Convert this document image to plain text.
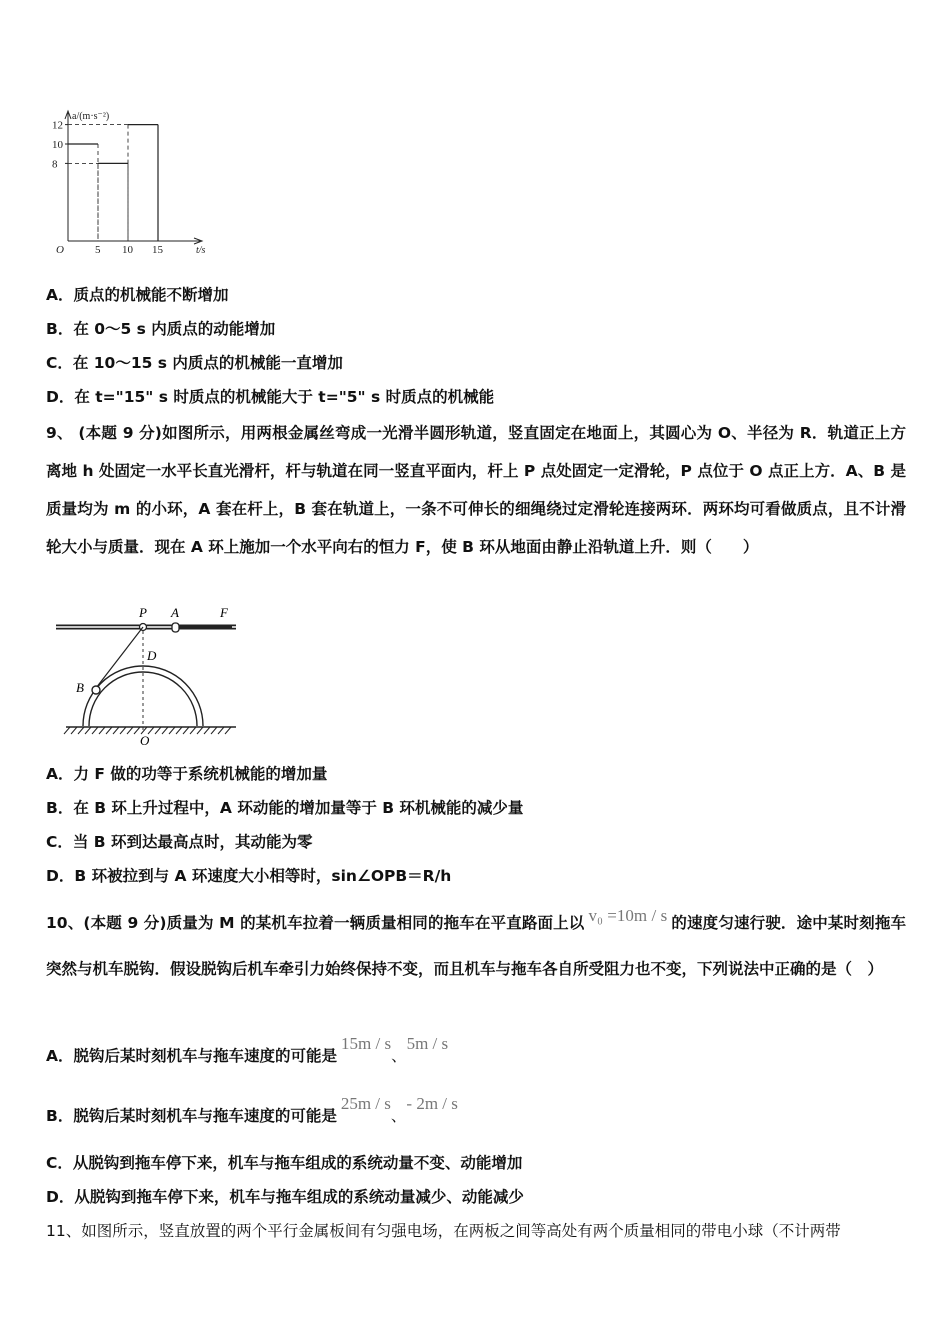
8
10
12
5 10 15
O
a/(m·s⁻²)
t/s
A．质点的机械能不断增加
B．在 0～5 s 内质点的动能增加
C．在 10～15 s 内质点的机械能一直增加
D．在 t="15" s 时质点的机械能大于 t="5" s 时质点的机械能
9、 (本题 9 分)如图所示，用两根金属丝弯成一光滑半圆形轨道，竖直固定在地面上，其圆心为 O、半径为 R．轨道正上方离地 h 处固定一水平长直光滑杆，杆与轨道在同一竖直平面内，杆上 P 点处固定一定滑轮，P 点位于 O 点正上方．A、B 是质量均为 m 的小环，A 套在杆上，B 套在轨道上，一条不可伸长的细绳绕过定滑轮连接两环．两环均可看做质点，且不计滑轮大小与质量．现在 A 环上施加一个水平向右的恒力 F，使 B 环从地面由静止沿轨道上升．则（　　）
P A	F
D
B
O
A．力 F 做的功等于系统机械能的增加量
B．在 B 环上升过程中，A 环动能的增加量等于 B 环机械能的减少量
C．当 B 环到达最高点时，其动能为零
D．B 环被拉到与 A 环速度大小相等时，sin∠OPB＝R/h
10、(本题 9 分)质量为 M 的某机车拉着一辆质量相同的拖车在平直路面上以 v₀ =10m / s 的速度匀速行驶．途中某时刻拖车突然与机车脱钩．假设脱钩后机车牵引力始终保持不变，而且机车与拖车各自所受阻力也不变，下列说法中正确的是（　）
A．脱钩后某时刻机车与拖车速度的可能是15m / s、5m / s
B．脱钩后某时刻机车与拖车速度的可能是25m / s、- 2m / s
C．从脱钩到拖车停下来，机车与拖车组成的系统动量不变、动能增加
D．从脱钩到拖车停下来，机车与拖车组成的系统动量减少、动能减少
11、如图所示，竖直放置的两个平行金属板间有匀强电场，在两板之间等高处有两个质量相同的带电小球（不计两带
